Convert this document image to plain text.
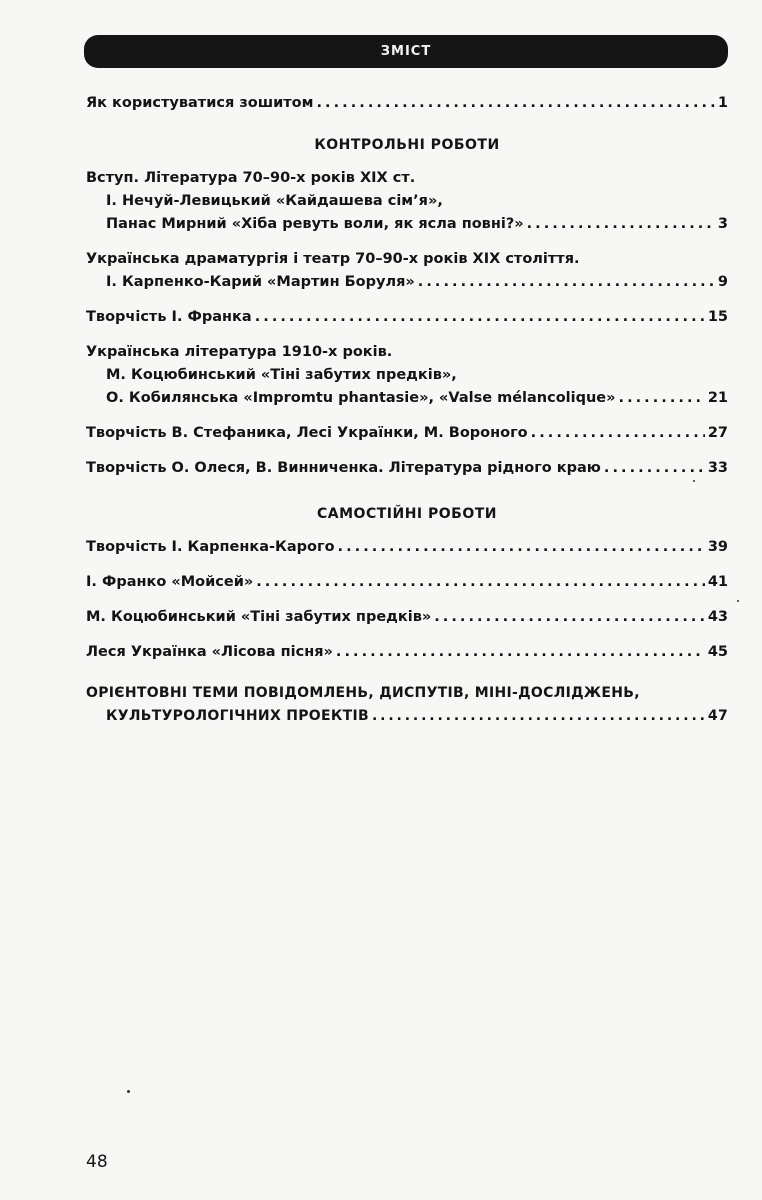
ЗМІСТ
Як користуватися зошитом . . .	1
КОНТРОЛЬНІ РОБОТИ
Вступ. Література 70–90-х років XIX ст.
І. Нечуй-Левицький «Кайдашева сім’я»,
Панас Мирний «Хіба ревуть воли, як ясла повні?» . . .	3
Українська драматургія і театр 70–90-х років XIX століття.
І. Карпенко-Карий «Мартин Боруля» . . .	9
Творчість І. Франка . . .	15
Українська література 1910-х років.
М. Коцюбинський «Тіні забутих предків»,
О. Кобилянська «Impromtu phantasie», «Valse mélancolique» . . .	21
Творчість В. Стефаника, Лесі Українки, М. Вороного . . .	27
Творчість О. Олеся, В. Винниченка. Література рідного краю . . .	33
САМОСТІЙНІ РОБОТИ
Творчість І. Карпенка-Карого . . .	39
І. Франко «Мойсей» . . .	41
М. Коцюбинський «Тіні забутих предків» . . .	43
Леся Українка «Лісова пісня» . . .	45
ОРІЄНТОВНІ ТЕМИ ПОВІДОМЛЕНЬ, ДИСПУТІВ, МІНІ-ДОСЛІДЖЕНЬ,
КУЛЬТУРОЛОГІЧНИХ ПРОЕКТІВ . . .	47
48
